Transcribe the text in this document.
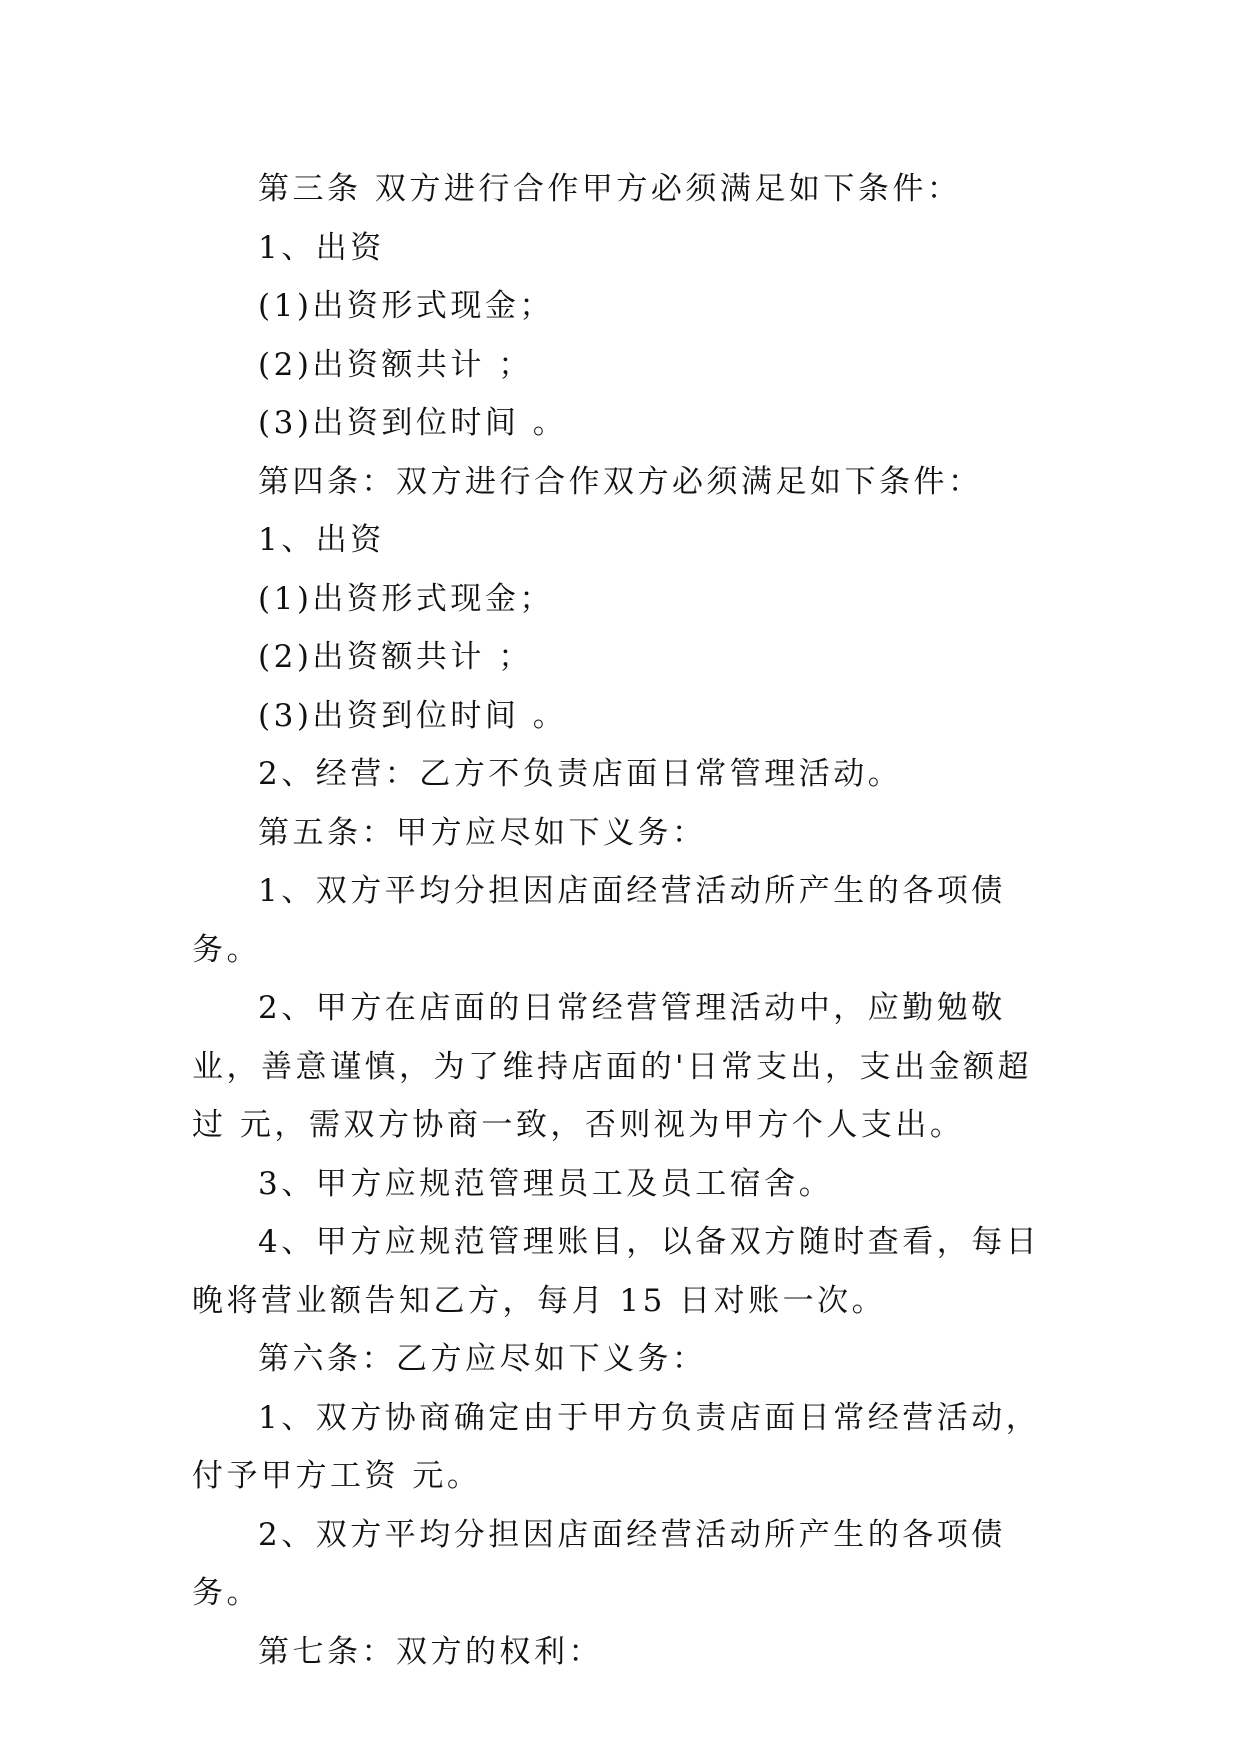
第三条 双方进行合作甲方必须满足如下条件：

1、出资

(1)出资形式现金；

(2)出资额共计 ；

(3)出资到位时间 。

第四条：双方进行合作双方必须满足如下条件：

1、出资

(1)出资形式现金；

(2)出资额共计 ；

(3)出资到位时间 。

2、经营：乙方不负责店面日常管理活动。

第五条：甲方应尽如下义务：

1、双方平均分担因店面经营活动所产生的各项债务。

2、甲方在店面的日常经营管理活动中，应勤勉敬业，善意谨慎，为了维持店面的'日常支出，支出金额超过 元，需双方协商一致，否则视为甲方个人支出。

3、甲方应规范管理员工及员工宿舍。

4、甲方应规范管理账目，以备双方随时查看，每日晚将营业额告知乙方，每月 15 日对账一次。

第六条：乙方应尽如下义务：

1、双方协商确定由于甲方负责店面日常经营活动，付予甲方工资 元。

2、双方平均分担因店面经营活动所产生的各项债务。

第七条：双方的权利：
